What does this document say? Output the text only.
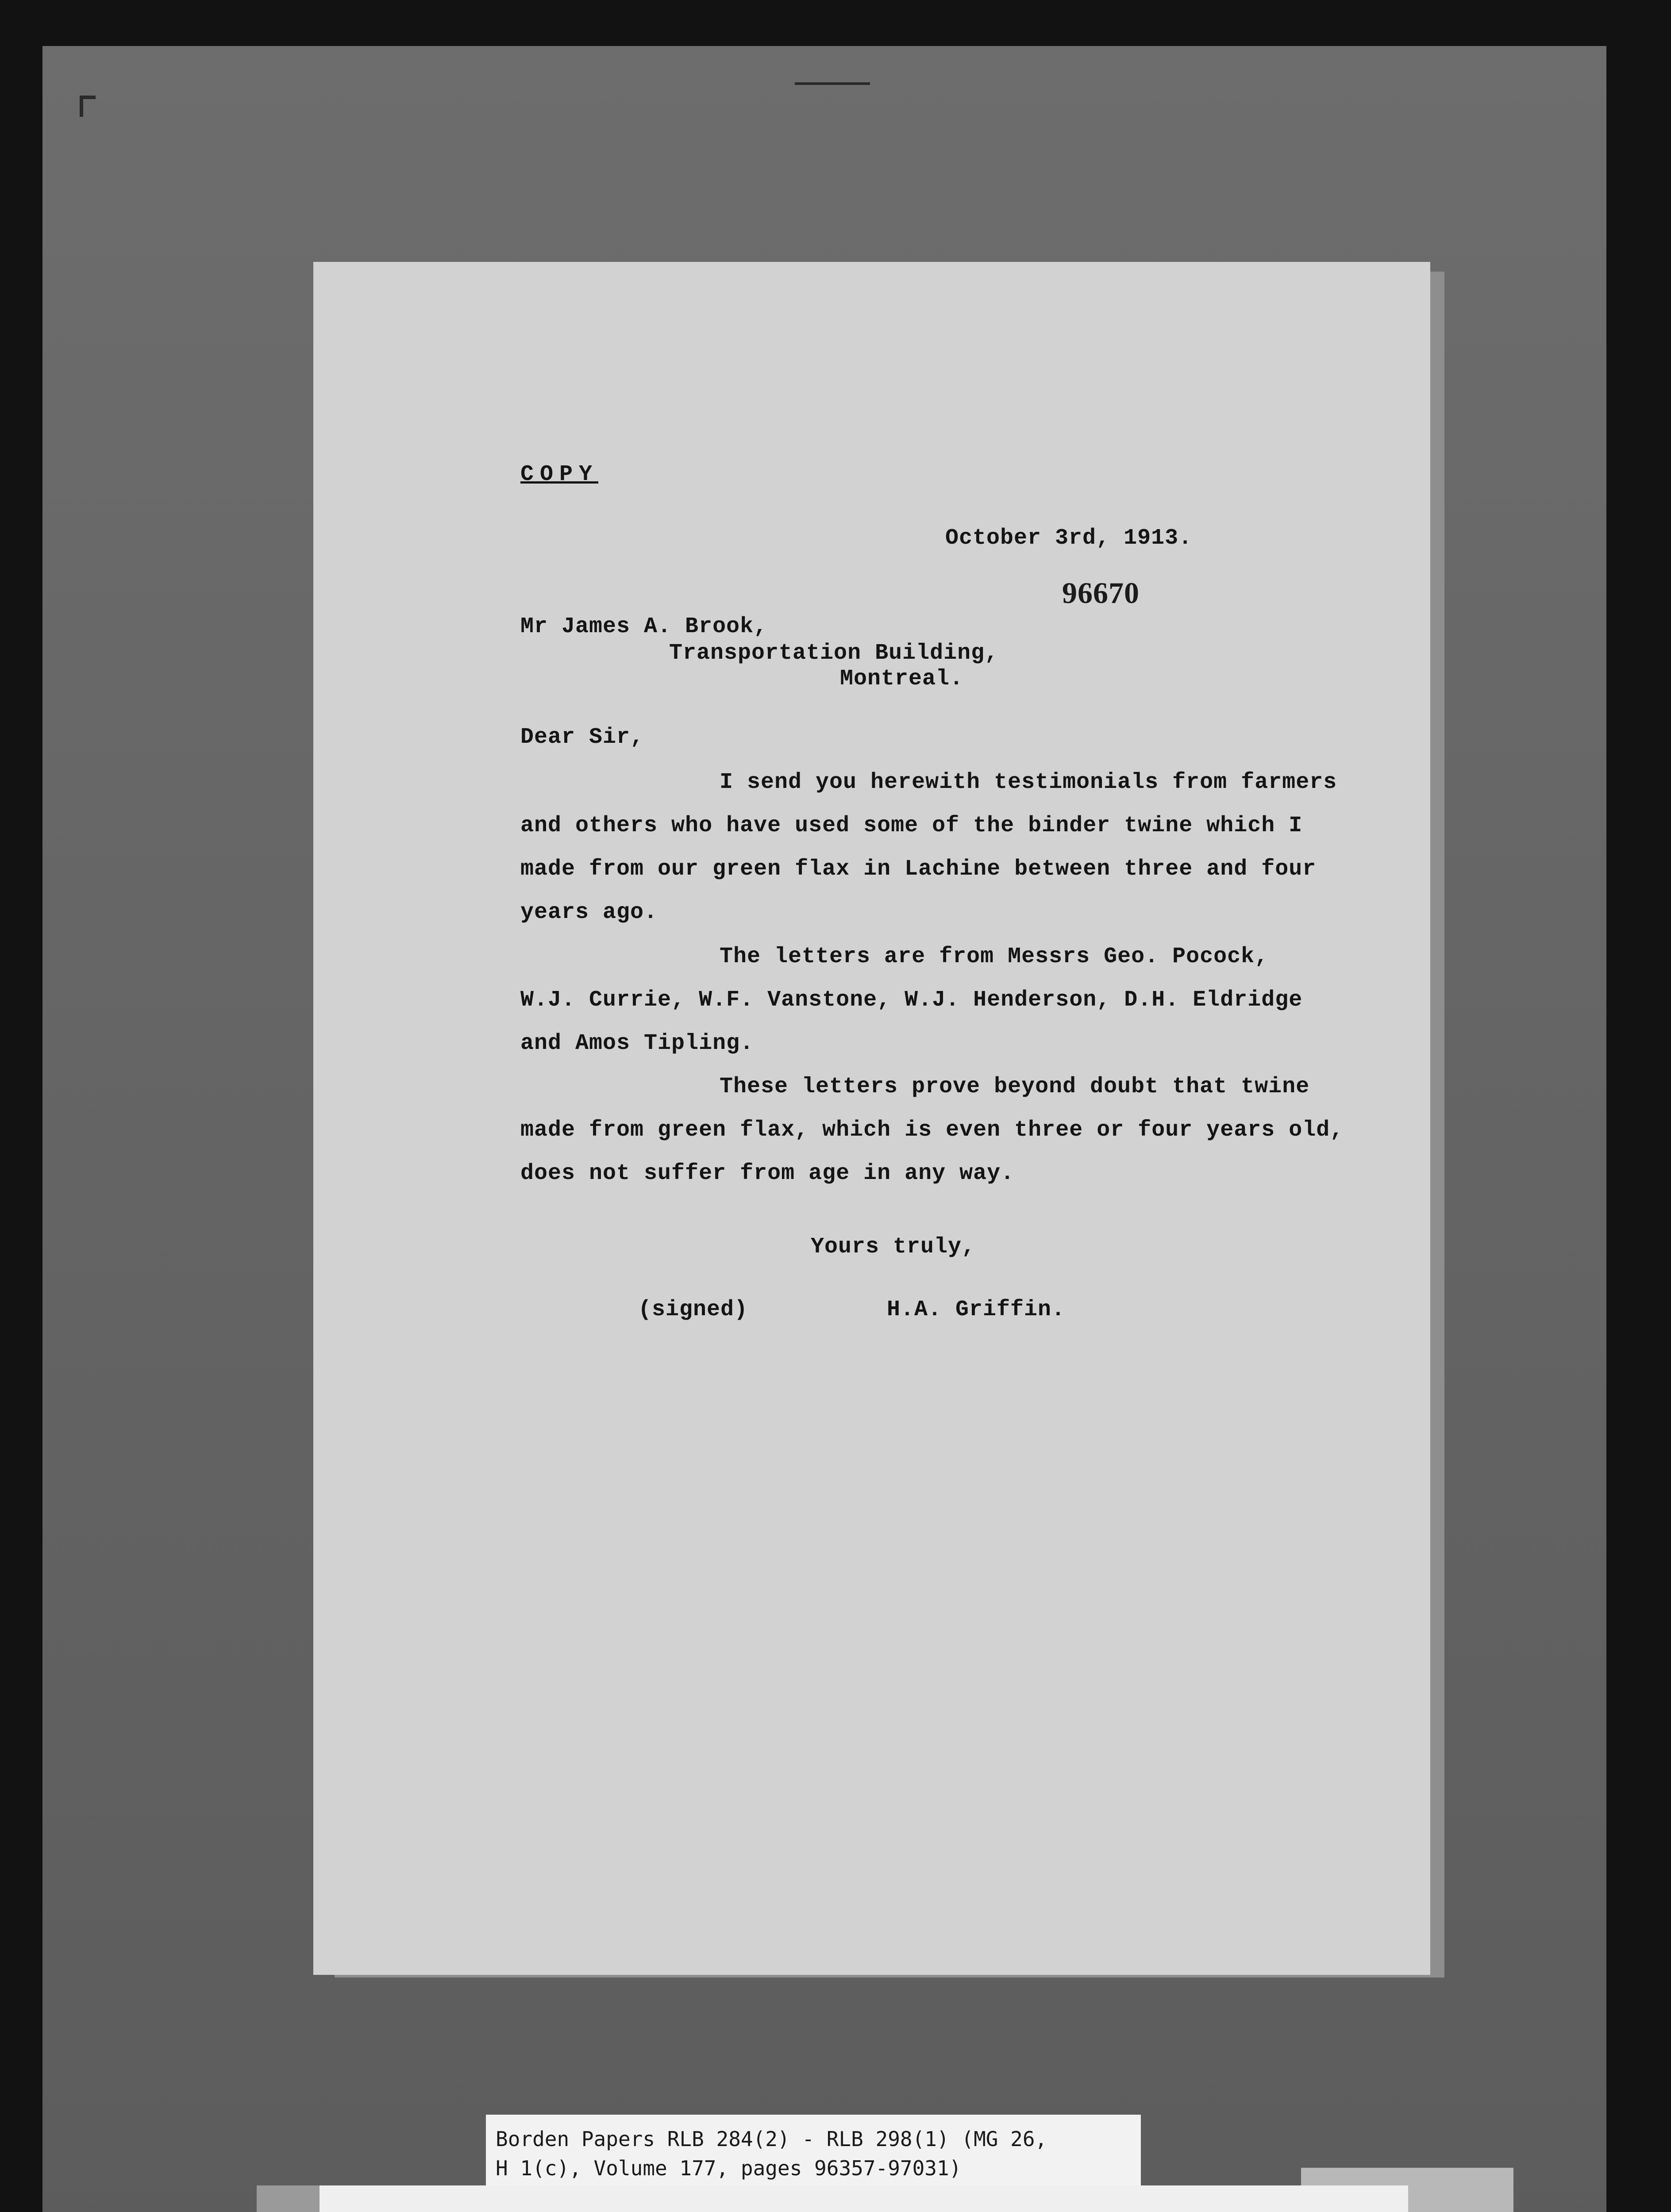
COPY
October 3rd, 1913.
96670
Mr James A. Brook,
Transportation Building,
Montreal.
Dear Sir,
I send you herewith testimonials from farmers
and others who have used some of the binder twine which I
made from our green flax in Lachine between three and four
years ago.
The letters are from Messrs Geo. Pocock,
W.J. Currie, W.F. Vanstone, W.J. Henderson, D.H. Eldridge
and Amos Tipling.
These letters prove beyond doubt that twine
made from green flax, which is even three or four years old,
does not suffer from age in any way.
Yours truly,
(signed)	H.A. Griffin.
Borden Papers RLB 284(2) - RLB 298(1) (MG 26,
H 1(c), Volume 177, pages 96357-97031)
